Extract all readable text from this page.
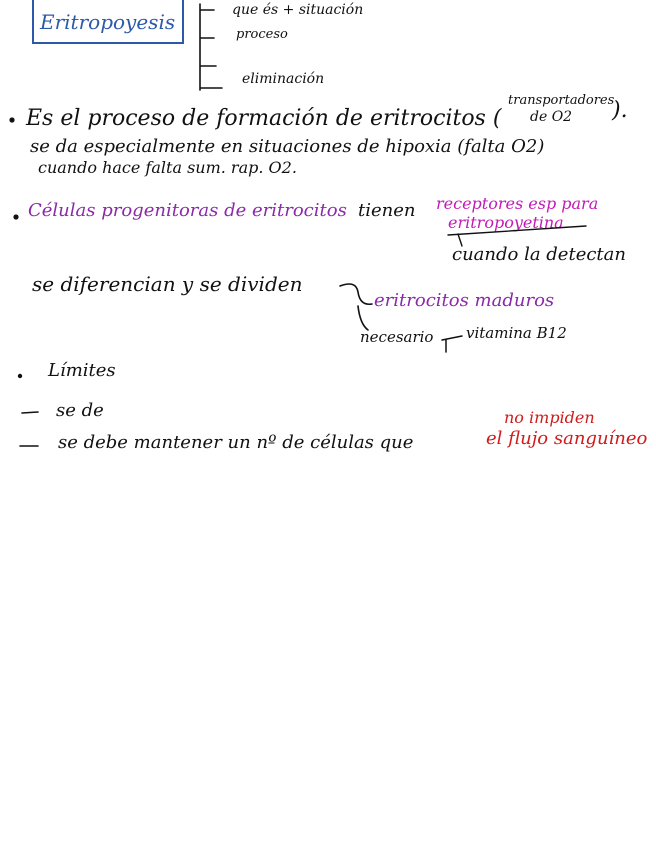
Eritropoyesis	que és + situación
proceso
eliminación
Es el proceso de formación de eritrocitos (
transportadores
de O2 ).
se da especialmente en situaciones de hipoxia (falta O2)
cuando hace falta sum. rap. O2.
Células progenitoras de eritrocitos tienen receptores esp para
eritropoyetina
cuando la detectan
se diferencian y se dividen
eritrocitos maduros
necesario vitamina B12
Límites
se de
se debe mantener un nº de células que
no impiden
el flujo sanguíneo
